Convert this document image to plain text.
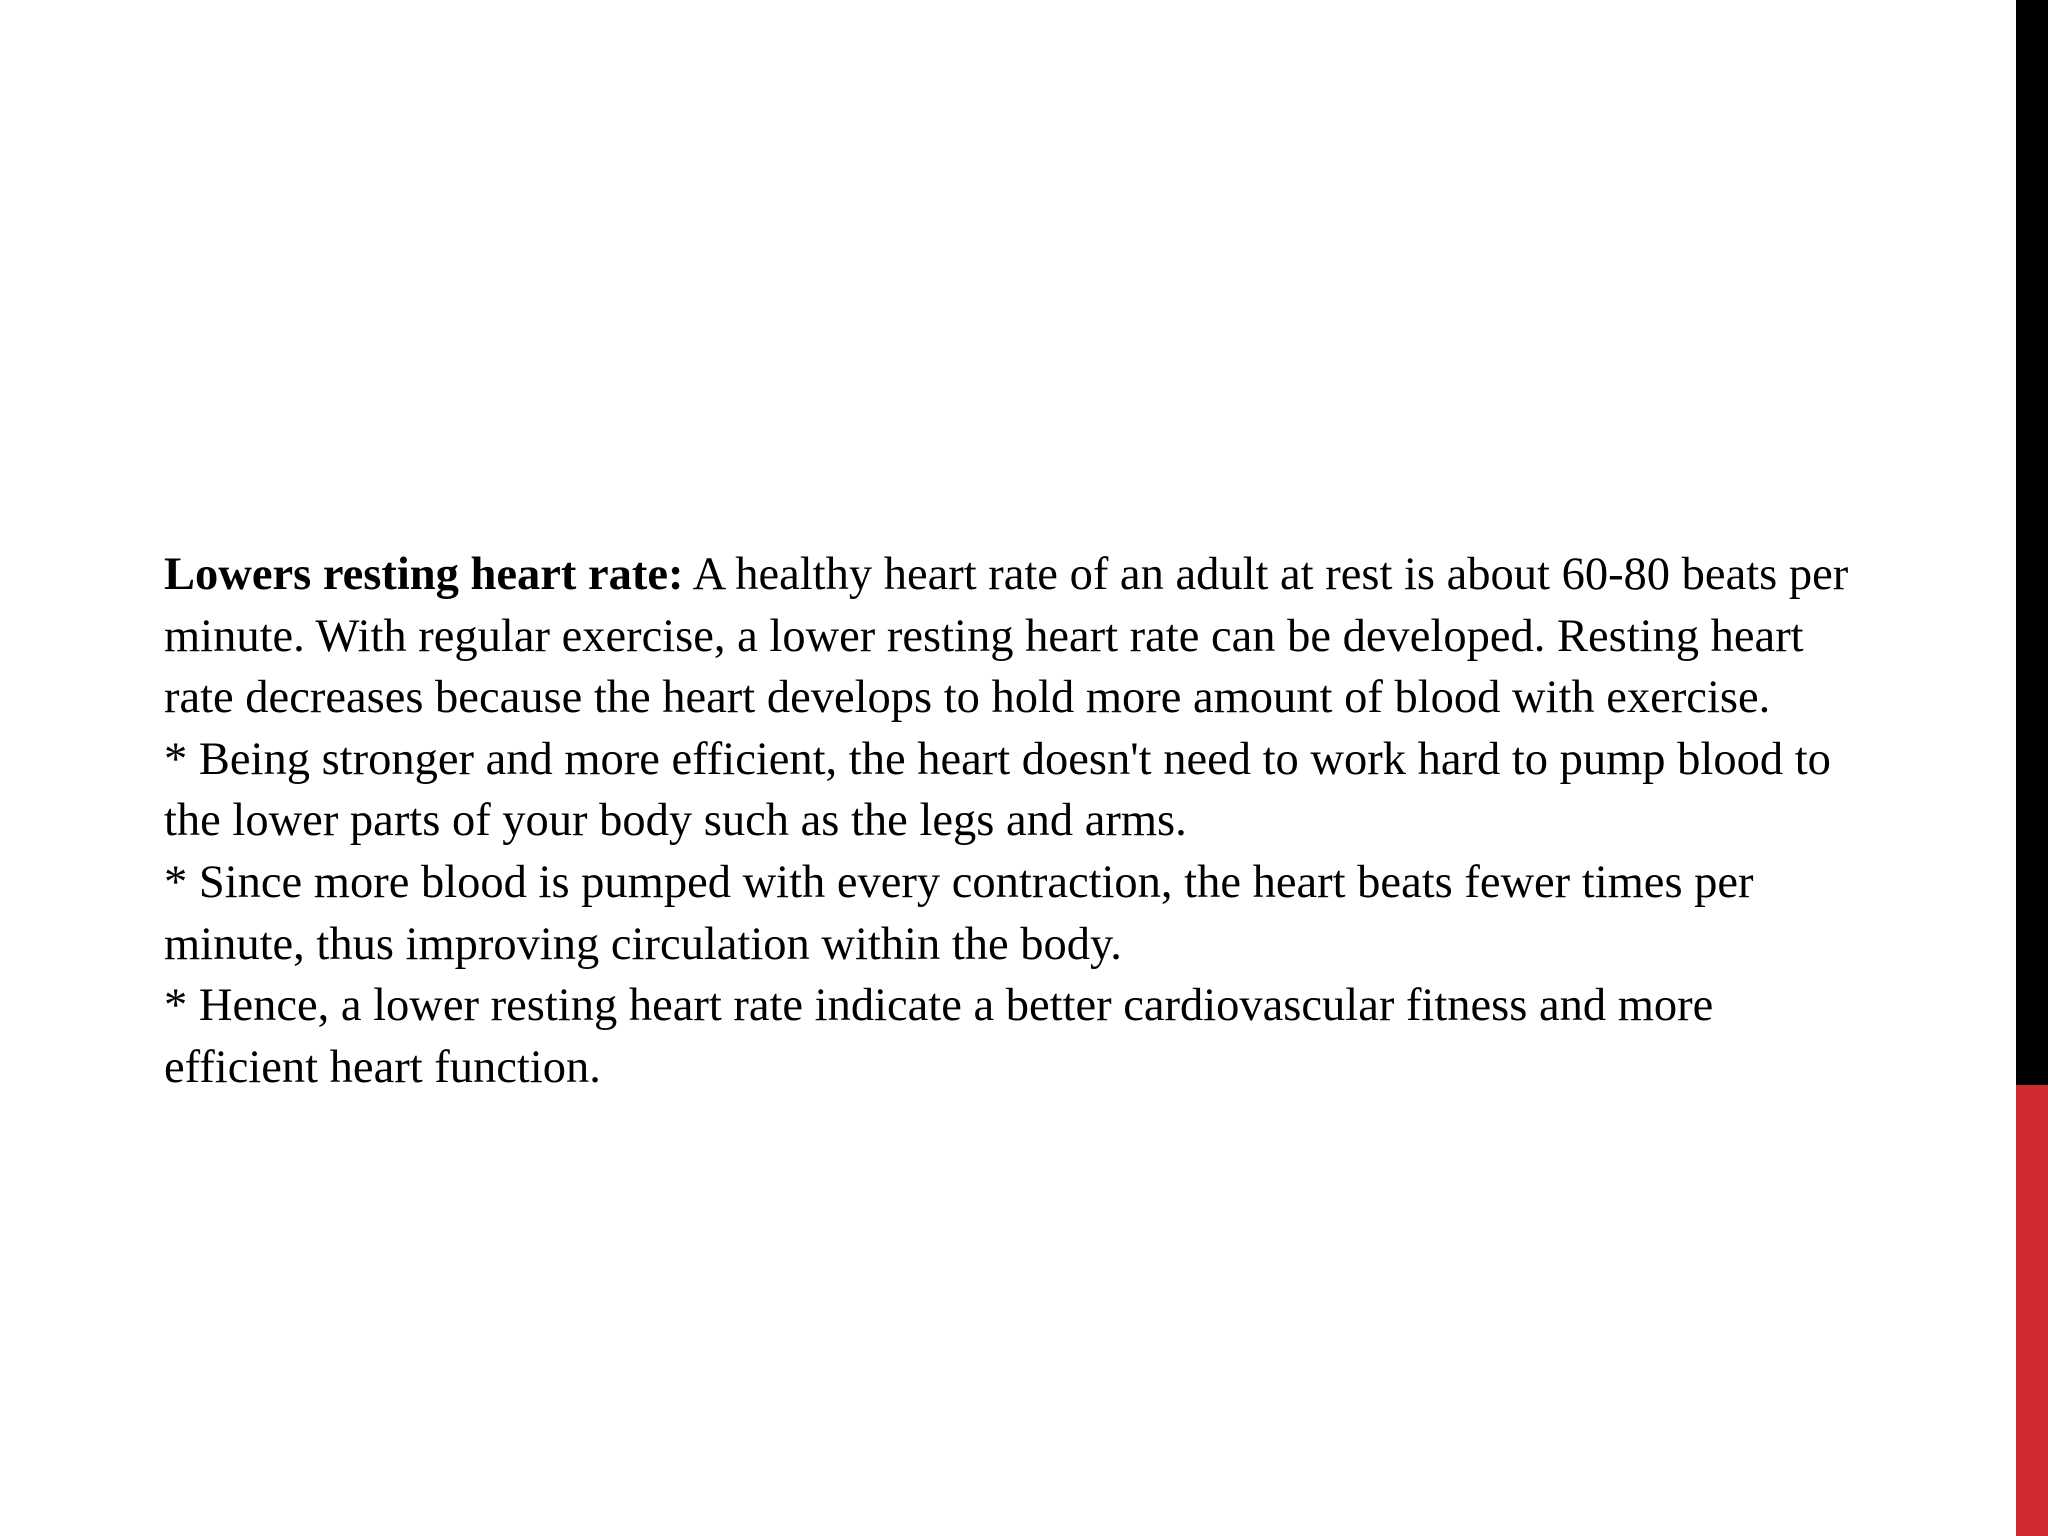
Lowers resting heart rate: A healthy heart rate of an adult at rest is about 60-80 beats per minute. With regular exercise, a lower resting heart rate can be developed. Resting heart rate decreases because the heart develops to hold more amount of blood with exercise.

* Being stronger and more efficient, the heart doesn't need to work hard to pump blood to the lower parts of your body such as the legs and arms.

* Since more blood is pumped with every contraction, the heart beats fewer times per minute, thus improving circulation within the body.

* Hence, a lower resting heart rate indicate a better cardiovascular fitness and more efficient heart function.
